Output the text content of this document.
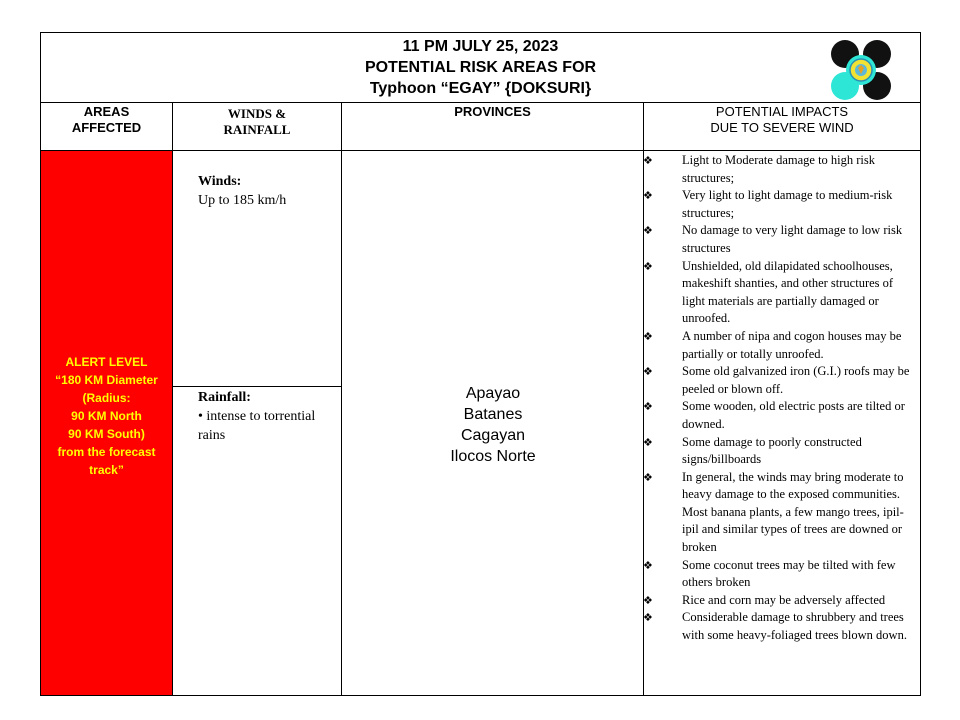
11 PM JULY 25, 2023
POTENTIAL RISK AREAS FOR
Typhoon “EGAY” {DOKSURI}
AREAS
AFFECTED
WINDS &
RAINFALL
PROVINCES	POTENTIAL IMPACTS
DUE TO SEVERE WIND
ALERT LEVEL
“180 KM Diameter
(Radius:
90 KM North
90 KM South)
from the forecast
track”
Winds:
Up to 185 km/h
Rainfall:
• intense to torrential
rains
Apayao
Batanes
Cagayan
Ilocos Norte
❖ Light to Moderate damage to high risk structures;
❖ Very light to light damage to medium-risk structures;
❖ No damage to very light damage to low risk structures
❖ Unshielded, old dilapidated schoolhouses, makeshift shanties, and other structures of light materials are partially damaged or unroofed.
❖ A number of nipa and cogon houses may be partially or totally unroofed.
❖ Some old galvanized iron (G.I.) roofs may be peeled or blown off.
❖ Some wooden, old electric posts are tilted or downed.
❖ Some damage to poorly constructed signs/billboards
❖ In general, the winds may bring moderate to heavy damage to the exposed communities. Most banana plants, a few mango trees, ipil-ipil and similar types of trees are downed or broken
❖ Some coconut trees may be tilted with few others broken
❖ Rice and corn may be adversely affected
❖ Considerable damage to shrubbery and trees with some heavy-foliaged trees blown down.
